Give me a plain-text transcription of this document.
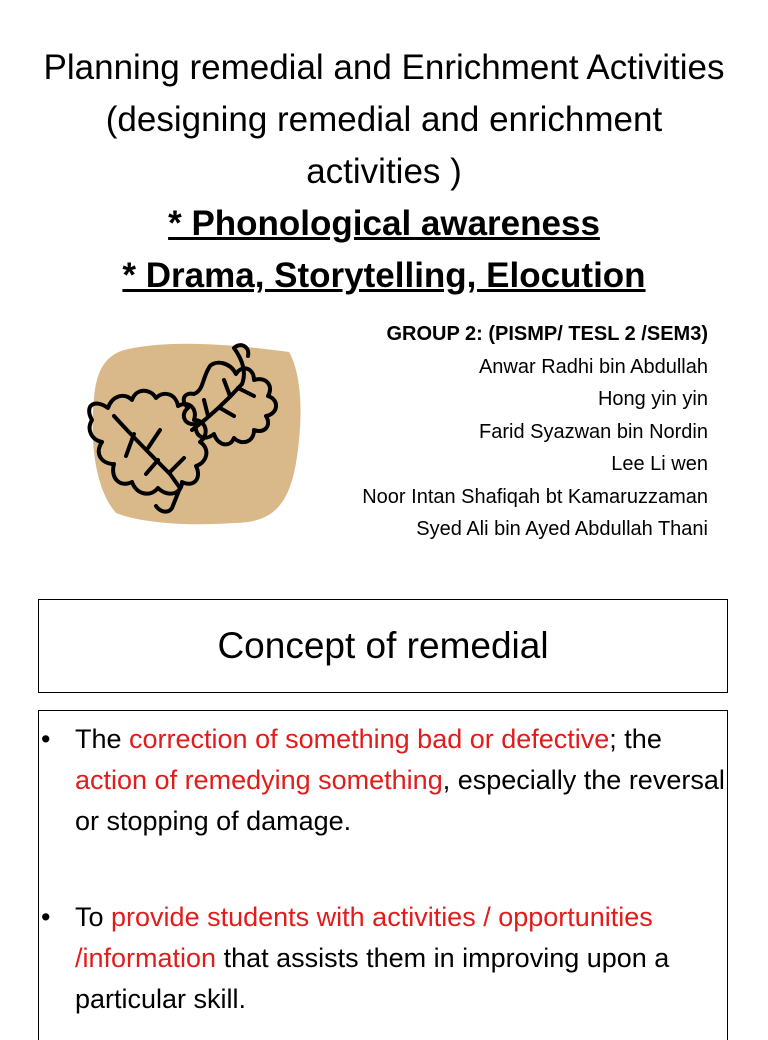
Planning remedial and Enrichment Activities (designing remedial and enrichment activities )
* Phonological awareness
* Drama, Storytelling, Elocution
GROUP 2: (PISMP/ TESL 2 /SEM3)
Anwar Radhi bin Abdullah
Hong yin yin
Farid Syazwan bin Nordin
Lee Li wen
Noor Intan Shafiqah bt Kamaruzzaman
Syed Ali bin Ayed Abdullah Thani
Concept of remedial
• The correction of something bad or defective; the action of remedying something, especially the reversal or stopping of damage.
• To provide students with activities / opportunities /information that assists them in improving upon a particular skill.
